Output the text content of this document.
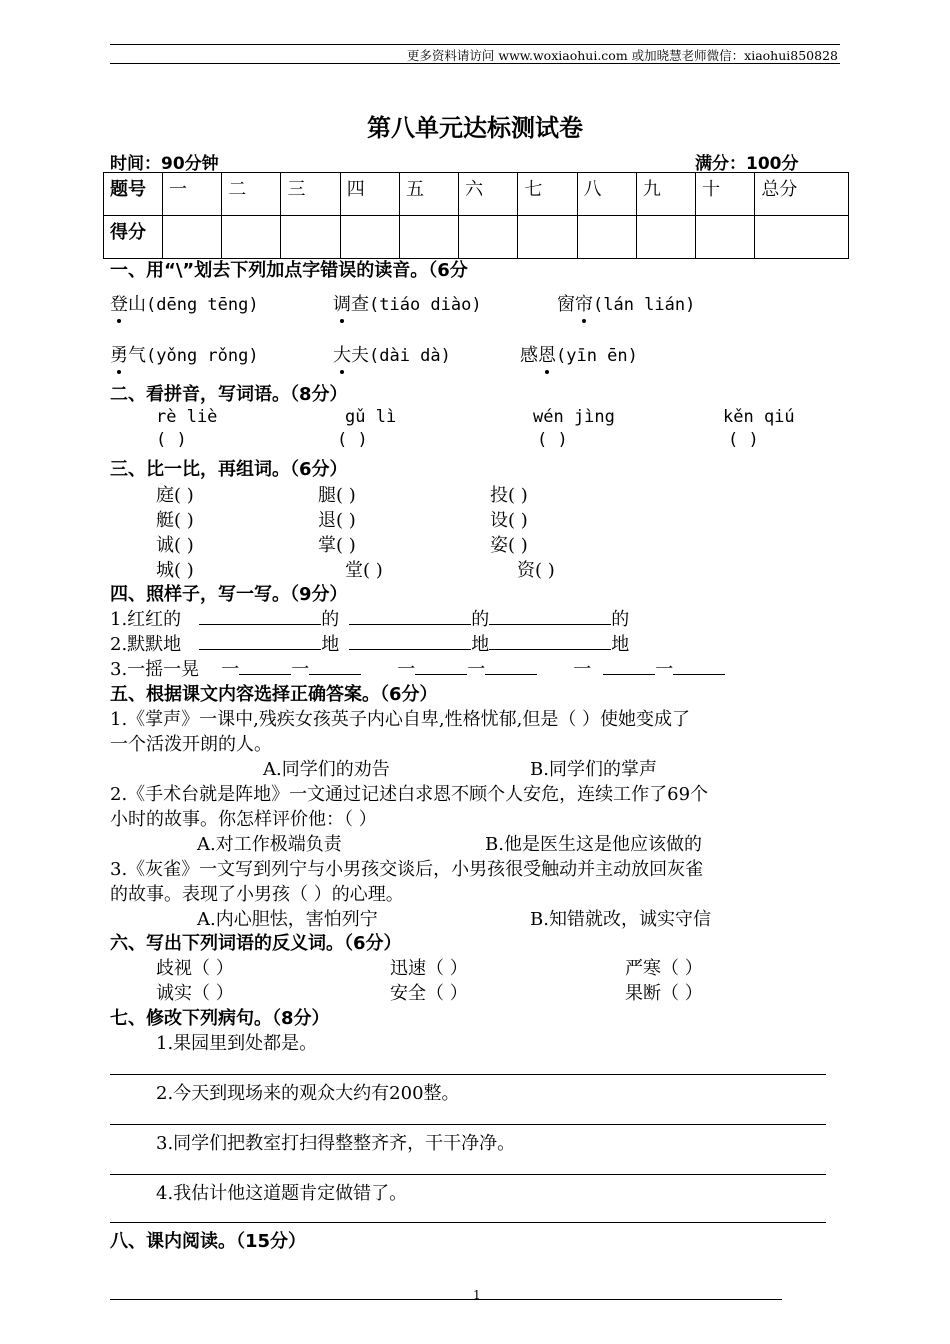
更多资料请访问 www.woxiaohui.com 或加晓慧老师微信：xiaohui850828
第八单元达标测试卷
时间：90分钟	满分：100分
题号	一	二	三	四	五	六	七	八	九	十	总分
得分											
一、用“\”划去下列加点字错误的读音。（6分
登山(dēng tēng)	调查(tiáo diào)	窗帘(lán lián)
勇气(yǒng rǒng)	大夫(dài dà)	感恩(yīn ēn)
二、看拼音，写词语。（8分）
rè liè	gǔ lì	wén jìng	kěn qiú
( )	( )	( )	( )
三、比一比，再组词。（6分）
庭( )	腿( )	投( )
艇( )	退( )	设( )
诚( )	掌( )	姿( )
城( )	堂( )	资( )
四、照样子，写一写。（9分）
1.红红的	的	的	的
2.默默地	地	地	地
3.一摇一晃 一	一	一	一	一	一
五、根据课文内容选择正确答案。（6分）
1.《掌声》一课中,残疾女孩英子内心自卑,性格忧郁,但是（ ）使她变成了
一个活泼开朗的人。
A.同学们的劝告	B.同学们的掌声
2.《手术台就是阵地》一文通过记述白求恩不顾个人安危，连续工作了69个
小时的故事。你怎样评价他：（ ）
A.对工作极端负责	B.他是医生这是他应该做的
3.《灰雀》一文写到列宁与小男孩交谈后，小男孩很受触动并主动放回灰雀
的故事。表现了小男孩（ ）的心理。
A.内心胆怯，害怕列宁	B.知错就改，诚实守信
六、写出下列词语的反义词。（6分）
歧视（ ）	迅速（ ）	严寒（ ）
诚实（ ）	安全（ ）	果断（ ）
七、修改下列病句。（8分）
1.果园里到处都是。
2.今天到现场来的观众大约有200整。
3.同学们把教室打扫得整整齐齐，干干净净。
4.我估计他这道题肯定做错了。
八、课内阅读。（15分）
1
